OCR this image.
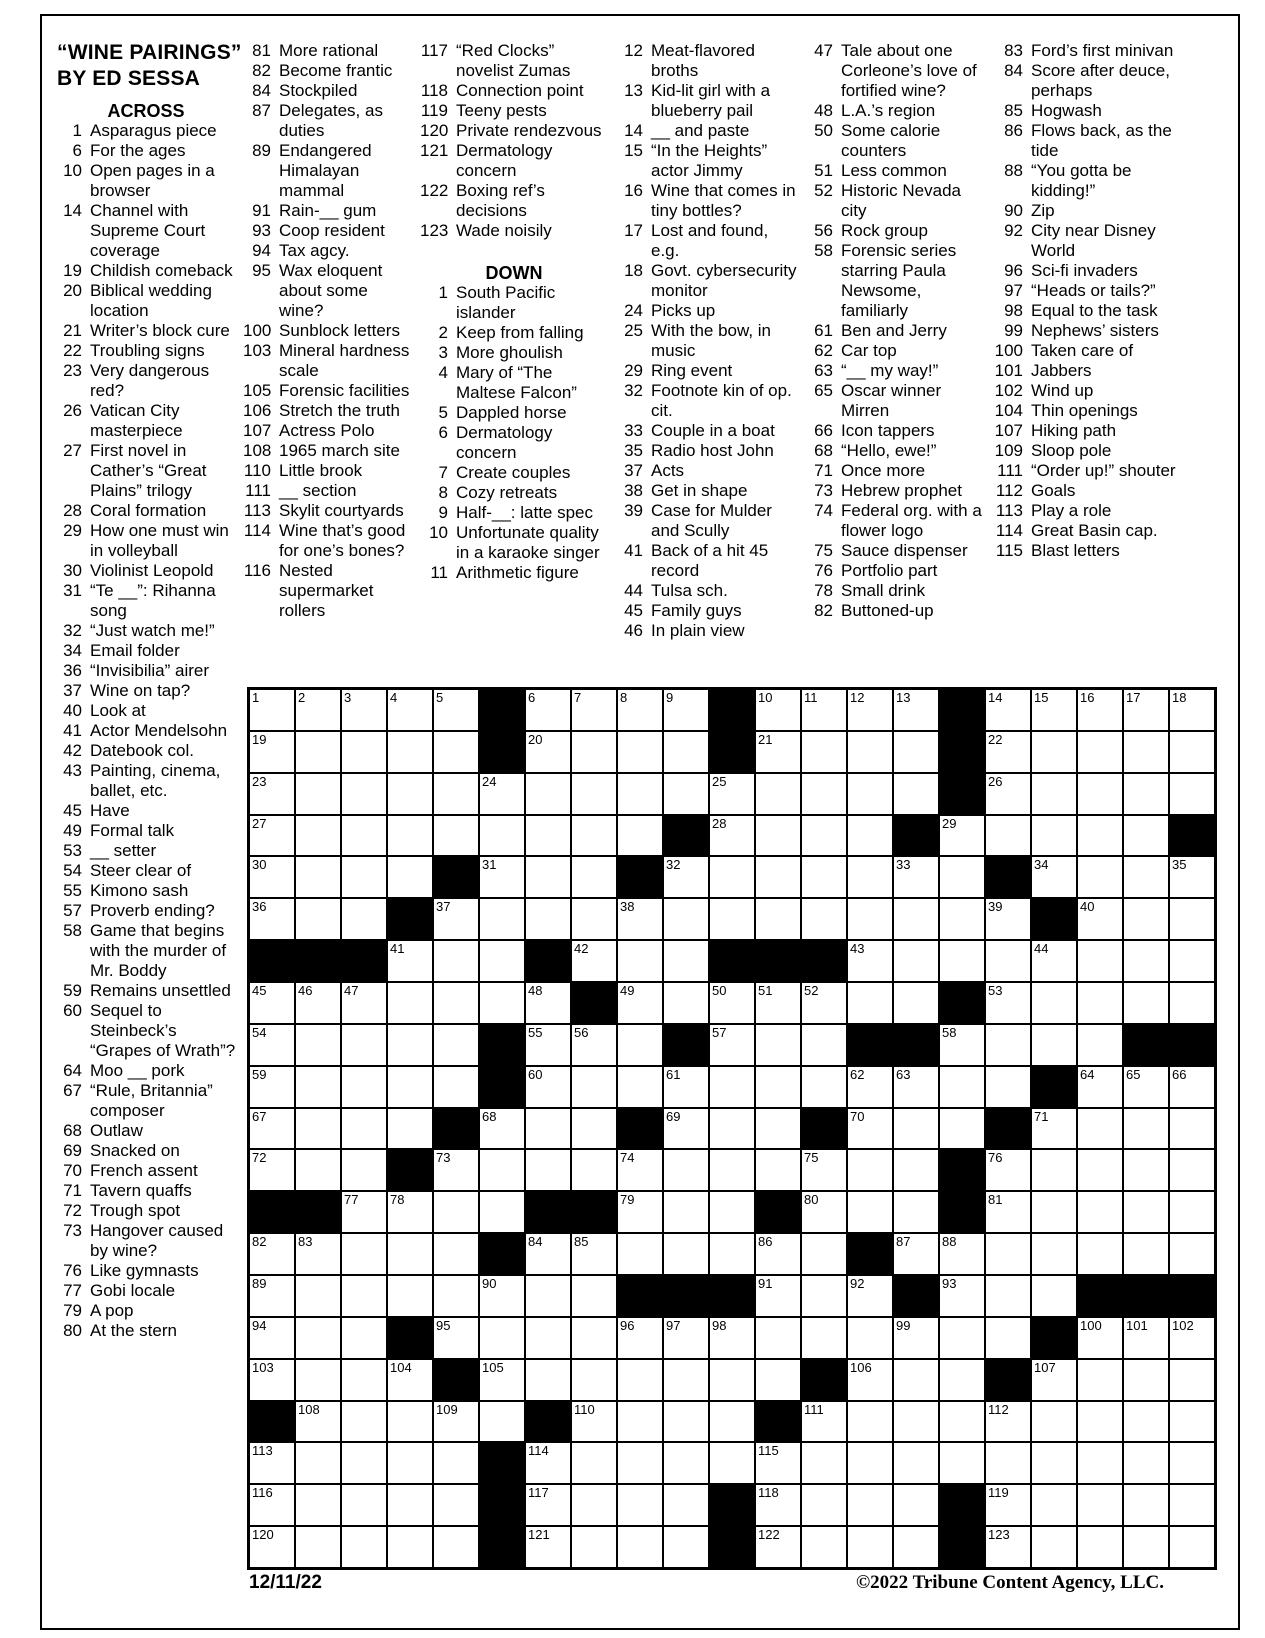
“WINE PAIRINGS”
BY ED SESSA
ACROSS
1 Asparagus piece
6 For the ages
10 Open pages in a browser
14 Channel with Supreme Court coverage
19 Childish comeback
20 Biblical wedding location
21 Writer’s block cure
22 Troubling signs
23 Very dangerous red?
26 Vatican City masterpiece
27 First novel in Cather’s “Great Plains” trilogy
28 Coral formation
29 How one must win in volleyball
30 Violinist Leopold
31 “Te __”: Rihanna song
32 “Just watch me!”
34 Email folder
36 “Invisibilia” airer
37 Wine on tap?
40 Look at
41 Actor Mendelsohn
42 Datebook col.
43 Painting, cinema, ballet, etc.
45 Have
49 Formal talk
53 __ setter
54 Steer clear of
55 Kimono sash
57 Proverb ending?
58 Game that begins with the murder of Mr. Boddy
59 Remains unsettled
60 Sequel to Steinbeck’s “Grapes of Wrath”?
64 Moo __ pork
67 “Rule, Britannia” composer
68 Outlaw
69 Snacked on
70 French assent
71 Tavern quaffs
72 Trough spot
73 Hangover caused by wine?
76 Like gymnasts
77 Gobi locale
79 A pop
80 At the stern
81 More rational
82 Become frantic
84 Stockpiled
87 Delegates, as duties
89 Endangered Himalayan mammal
91 Rain-__ gum
93 Coop resident
94 Tax agcy.
95 Wax eloquent about some wine?
100 Sunblock letters
103 Mineral hardness scale
105 Forensic facilities
106 Stretch the truth
107 Actress Polo
108 1965 march site
110 Little brook
111 __ section
113 Skylit courtyards
114 Wine that’s good for one’s bones?
116 Nested supermarket rollers
117 “Red Clocks” novelist Zumas
118 Connection point
119 Teeny pests
120 Private rendezvous
121 Dermatology concern
122 Boxing ref’s decisions
123 Wade noisily
DOWN
1 South Pacific islander
2 Keep from falling
3 More ghoulish
4 Mary of “The Maltese Falcon”
5 Dappled horse
6 Dermatology concern
7 Create couples
8 Cozy retreats
9 Half-__: latte spec
10 Unfortunate quality in a karaoke singer
11 Arithmetic figure
12 Meat-flavored broths
13 Kid-lit girl with a blueberry pail
14 __ and paste
15 “In the Heights” actor Jimmy
16 Wine that comes in tiny bottles?
17 Lost and found, e.g.
18 Govt. cybersecurity monitor
24 Picks up
25 With the bow, in music
29 Ring event
32 Footnote kin of op. cit.
33 Couple in a boat
35 Radio host John
37 Acts
38 Get in shape
39 Case for Mulder and Scully
41 Back of a hit 45 record
44 Tulsa sch.
45 Family guys
46 In plain view
47 Tale about one Corleone’s love of fortified wine?
48 L.A.’s region
50 Some calorie counters
51 Less common
52 Historic Nevada city
56 Rock group
58 Forensic series starring Paula Newsome, familiarly
61 Ben and Jerry
62 Car top
63 “__ my way!”
65 Oscar winner Mirren
66 Icon tappers
68 “Hello, ewe!”
71 Once more
73 Hebrew prophet
74 Federal org. with a flower logo
75 Sauce dispenser
76 Portfolio part
78 Small drink
82 Buttoned-up
83 Ford’s first minivan
84 Score after deuce, perhaps
85 Hogwash
86 Flows back, as the tide
88 “You gotta be kidding!”
90 Zip
92 City near Disney World
96 Sci-fi invaders
97 “Heads or tails?”
98 Equal to the task
99 Nephews’ sisters
100 Taken care of
101 Jabbers
102 Wind up
104 Thin openings
107 Hiking path
109 Sloop pole
111 “Order up!” shouter
112 Goals
113 Play a role
114 Great Basin cap.
115 Blast letters
1	2	3	4	5	6	7	8	9	10 11	12 13	14 15 16 17 18
19	20	21	22
23	24	25	26
27	28	29
30	31	32	33	34	35
36	37	38	39	40
41	42	43	44
45 46 47	48	49	50 51 52	53
54	55 56	57	58
59	60	61	62 63	64 65 66
67	68	69	70	71
72	73	74	75	76
77 78	79	80	81
82 83	84 85	86	87 88
89	90	91	92	93
94	95	96 97 98	99	100 101 102
103	104	105	106	107
108	109	110	111	112
113	114	115
116	117	118	119
120	121	122	123
12/11/22	©2022 Tribune Content Agency, LLC.
